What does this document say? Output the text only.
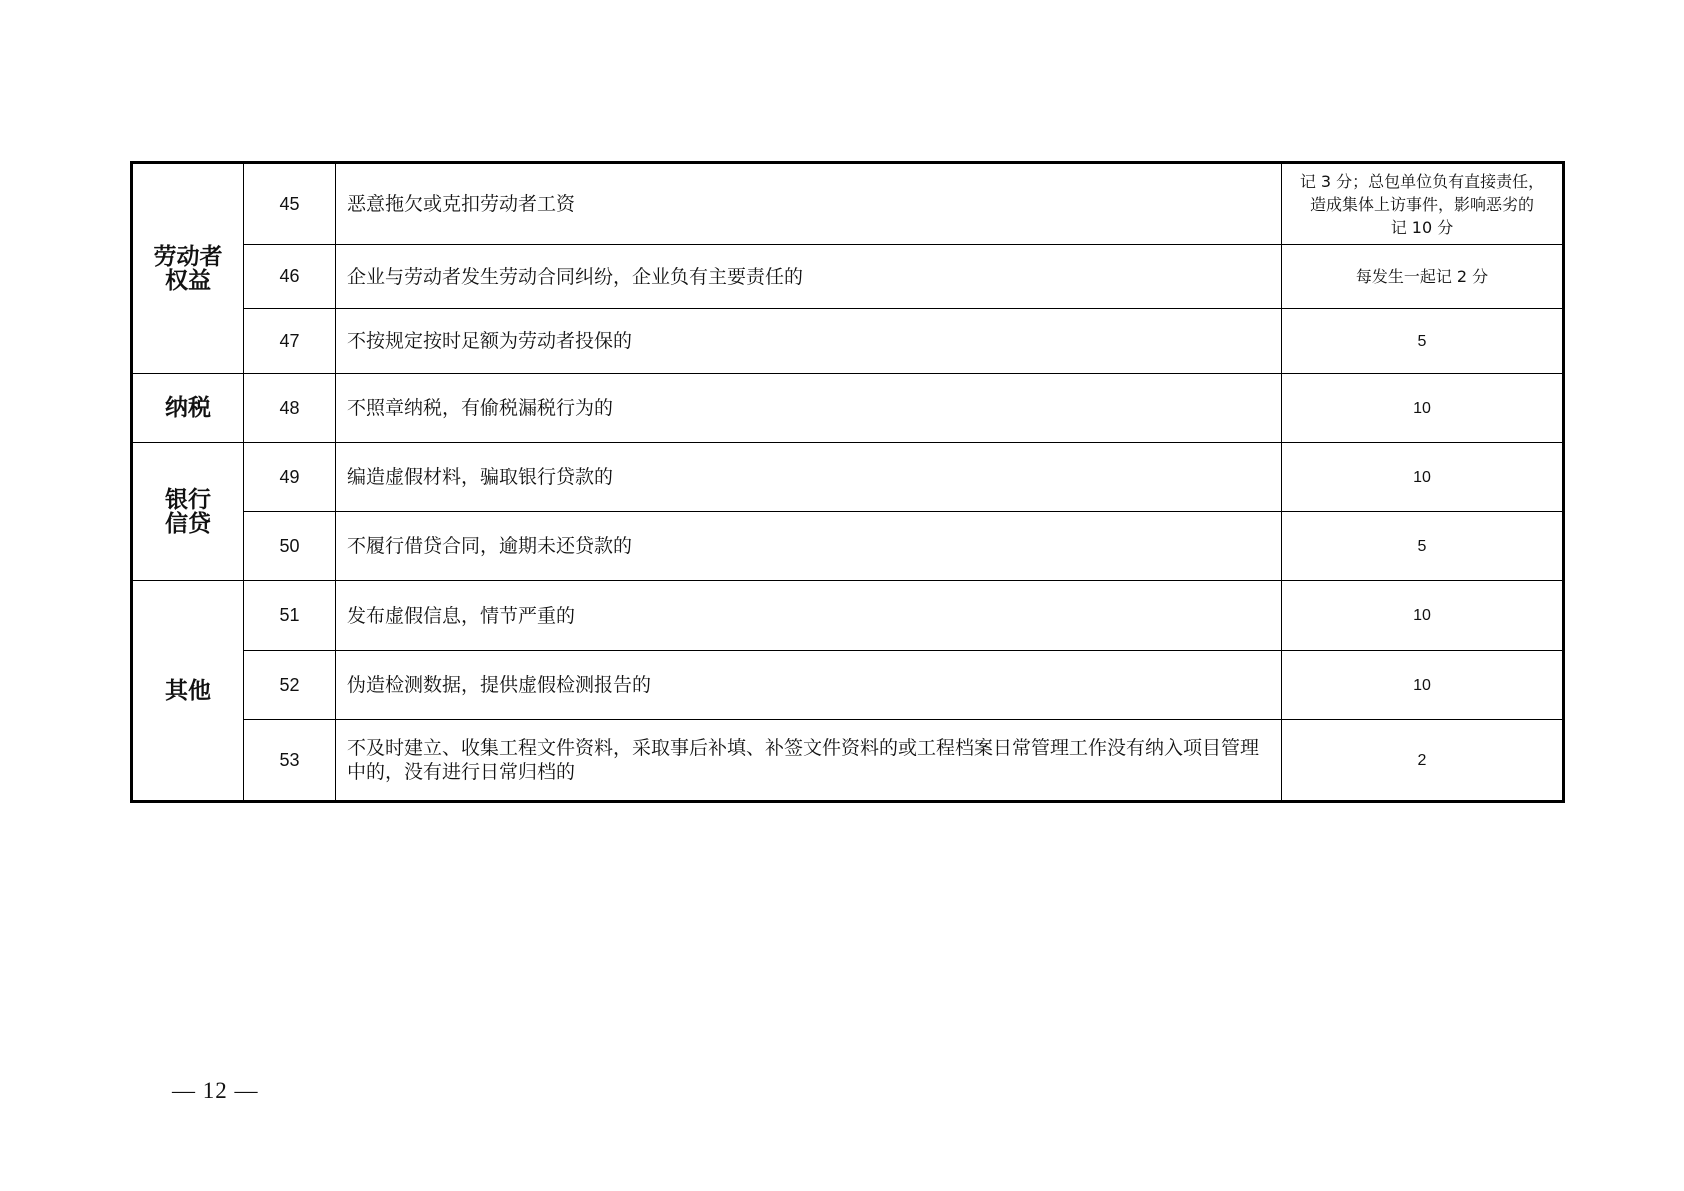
劳动者
权益	45	恶意拖欠或克扣劳动者工资	记 3 分；总包单位负有直接责任，
造成集体上访事件，影响恶劣的
记 10 分

	46	企业与劳动者发生劳动合同纠纷，企业负有主要责任的	每发生一起记 2 分
	47	不按规定按时足额为劳动者投保的	5

纳税	48	不照章纳税，有偷税漏税行为的	10

银行
信贷	49	编造虚假材料，骗取银行贷款的	10
	50	不履行借贷合同，逾期未还贷款的	5

其他	51	发布虚假信息，情节严重的	10
	52	伪造检测数据，提供虚假检测报告的	10
	53	不及时建立、收集工程文件资料，采取事后补填、补签文件资料的或工程档案日常管理工作没有纳入项目管理中的，没有进行日常归档的	2
— 12 —
